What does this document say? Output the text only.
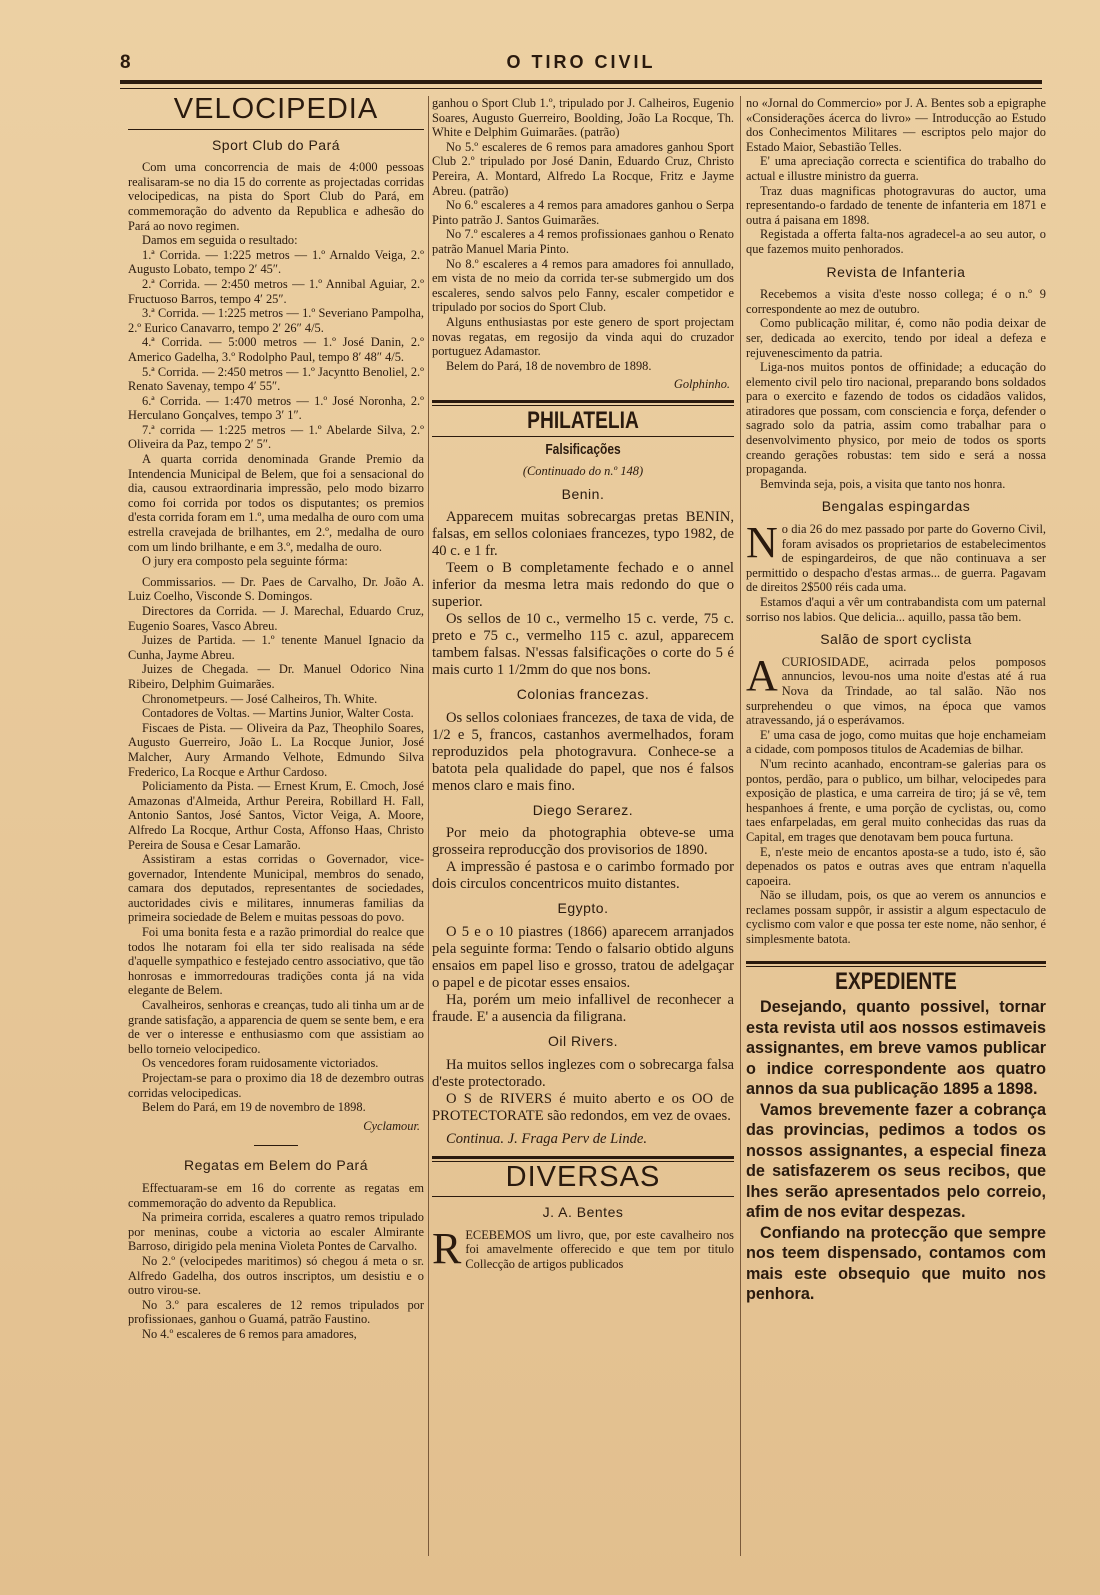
8	O TIRO CIVIL
VELOCIPEDIA
Sport Club do Pará

Com uma concorrencia de mais de 4:000 pessoas realisaram-se no dia 15 do corrente as projectadas corridas velocipedicas, na pista do Sport Club do Pará, em commemoração do advento da Republica e adhesão do Pará ao novo regimen.

Damos em seguida o resultado:

1.ª Corrida. — 1:225 metros — 1.º Arnaldo Veiga, 2.º Augusto Lobato, tempo 2′ 45″.

2.ª Corrida. — 2:450 metros — 1.º Annibal Aguiar, 2.º Fructuoso Barros, tempo 4′ 25″.

3.ª Corrida. — 1:225 metros — 1.º Severiano Pampolha, 2.º Eurico Canavarro, tempo 2′ 26″ 4/5.

4.ª Corrida. — 5:000 metros — 1.º José Danin, 2.º Americo Gadelha, 3.º Rodolpho Paul, tempo 8′ 48″ 4/5.

5.ª Corrida. — 2:450 metros — 1.º Jacyntto Benoliel, 2.º Renato Savenay, tempo 4′ 55″.

6.ª Corrida. — 1:470 metros — 1.º José Noronha, 2.º Herculano Gonçalves, tempo 3′ 1″.

7.ª corrida — 1:225 metros — 1.º Abelarde Silva, 2.º Oliveira da Paz, tempo 2′ 5″.

A quarta corrida denominada Grande Premio da Intendencia Municipal de Belem, que foi a sensacional do dia, causou extraordinaria impressão, pelo modo bizarro como foi corrida por todos os disputantes; os premios d'esta corrida foram em 1.º, uma medalha de ouro com uma estrella cravejada de brilhantes, em 2.º, medalha de ouro com um lindo brilhante, e em 3.º, medalha de ouro.

O jury era composto pela seguinte fórma:

Commissarios. — Dr. Paes de Carvalho, Dr. João A. Luiz Coelho, Visconde S. Domingos.

Directores da Corrida. — J. Marechal, Eduardo Cruz, Eugenio Soares, Vasco Abreu.

Juizes de Partida. — 1.º tenente Manuel Ignacio da Cunha, Jayme Abreu.

Juizes de Chegada. — Dr. Manuel Odorico Nina Ribeiro, Delphim Guimarães.

Chronometpeurs. — José Calheiros, Th. White.

Contadores de Voltas. — Martins Junior, Walter Costa.

Fiscaes de Pista. — Oliveira da Paz, Theophilo Soares, Augusto Guerreiro, João L. La Rocque Junior, José Malcher, Aury Armando Velhote, Edmundo Silva Frederico, La Rocque e Arthur Cardoso.

Policiamento da Pista. — Ernest Krum, E. Cmoch, José Amazonas d'Almeida, Arthur Pereira, Robillard H. Fall, Antonio Santos, José Santos, Victor Veiga, A. Moore, Alfredo La Rocque, Arthur Costa, Affonso Haas, Christo Pereira de Sousa e Cesar Lamarão.

Assistiram a estas corridas o Governador, vice-governador, Intendente Municipal, membros do senado, camara dos deputados, representantes de sociedades, auctoridades civis e militares, innumeras familias da primeira sociedade de Belem e muitas pessoas do povo.

Foi uma bonita festa e a razão primordial do realce que todos lhe notaram foi ella ter sido realisada na séde d'aquelle sympathico e festejado centro associativo, que tão honrosas e immorredouras tradições conta já na vida elegante de Belem.

Cavalheiros, senhoras e creanças, tudo ali tinha um ar de grande satisfação, a apparencia de quem se sente bem, e era de ver o interesse e enthusiasmo com que assistiam ao bello torneio velocipedico.

Os vencedores foram ruidosamente victoriados.

Projectam-se para o proximo dia 18 de dezembro outras corridas velocipedicas.

Belem do Pará, em 19 de novembro de 1898.

Cyclamour.
Regatas em Belem do Pará

Effectuaram-se em 16 do corrente as regatas em commemoração do advento da Republica.

Na primeira corrida, escaleres a quatro remos tripulado por meninas, coube a victoria ao escaler Almirante Barroso, dirigido pela menina Violeta Pontes de Carvalho.

No 2.º (velocipedes maritimos) só chegou á meta o sr. Alfredo Gadelha, dos outros inscriptos, um desistiu e o outro virou-se.

No 3.º para escaleres de 12 remos tripulados por profissionaes, ganhou o Guamá, patrão Faustino.

No 4.º escaleres de 6 remos para amadores,

ganhou o Sport Club 1.º, tripulado por J. Calheiros, Eugenio Soares, Augusto Guerreiro, Boolding, João La Rocque, Th. White e Delphim Guimarães. (patrão)

No 5.º escaleres de 6 remos para amadores ganhou Sport Club 2.º tripulado por José Danin, Eduardo Cruz, Christo Pereira, A. Montard, Alfredo La Rocque, Fritz e Jayme Abreu. (patrão)

No 6.º escaleres a 4 remos para amadores ganhou o Serpa Pinto patrão J. Santos Guimarães.

No 7.º escaleres a 4 remos profissionaes ganhou o Renato patrão Manuel Maria Pinto.

No 8.º escaleres a 4 remos para amadores foi annullado, em vista de no meio da corrida ter-se submergido um dos escaleres, sendo salvos pelo Fanny, escaler competidor e tripulado por socios do Sport Club.

Alguns enthusiastas por este genero de sport projectam novas regatas, em regosijo da vinda aqui do cruzador portuguez Adamastor.

Belem do Pará, 18 de novembro de 1898.

Golphinho.
PHILATELIA
Falsificações
(Continuado do n.º 148)
Benin.

Apparecem muitas sobrecargas pretas BENIN, falsas, em sellos coloniaes francezes, typo 1982, de 40 c. e 1 fr.

Teem o B completamente fechado e o annel inferior da mesma letra mais redondo do que o superior.

Os sellos de 10 c., vermelho 15 c. verde, 75 c. preto e 75 c., vermelho 115 c. azul, apparecem tambem falsas. N'essas falsificações o corte do 5 é mais curto 1 1/2mm do que nos bons.

Colonias francezas.

Os sellos coloniaes francezes, de taxa de vida, de 1/2 e 5, francos, castanhos avermelhados, foram reproduzidos pela photogravura. Conhece-se a batota pela qualidade do papel, que nos é falsos menos claro e mais fino.

Diego Serarez.

Por meio da photographia obteve-se uma grosseira reproducção dos provisorios de 1890.

A impressão é pastosa e o carimbo formado por dois circulos concentricos muito distantes.

Egypto.

O 5 e o 10 piastres (1866) aparecem arranjados pela seguinte forma: Tendo o falsario obtido alguns ensaios em papel liso e grosso, tratou de adelgaçar o papel e de picotar esses ensaios.

Ha, porém um meio infallivel de reconhecer a fraude. E' a ausencia da filigrana.

Oil Rivers.

Ha muitos sellos inglezes com o sobrecarga falsa d'este protectorado.

O S de RIVERS é muito aberto e os OO de PROTECTORATE são redondos, em vez de ovaes.

Continua. J. Fraga Perv de Linde.

DIVERSAS
J. A. Bentes

R ECEBEMOS um livro, que, por este cavalheiro nos foi amavelmente offerecido e que tem por titulo Collecção de artigos publicados

no «Jornal do Commercio» por J. A. Bentes sob a epigraphe «Considerações ácerca do livro» — Introducção ao Estudo dos Conhecimentos Militares — escriptos pelo major do Estado Maior, Sebastião Telles.

E' uma apreciação correcta e scientifica do trabalho do actual e illustre ministro da guerra.

Traz duas magnificas photogravuras do auctor, uma representando-o fardado de tenente de infanteria em 1871 e outra á paisana em 1898.

Registada a offerta falta-nos agradecel-a ao seu autor, o que fazemos muito penhorados.

Revista de Infanteria

Recebemos a visita d'este nosso collega; é o n.º 9 correspondente ao mez de outubro.

Como publicação militar, é, como não podia deixar de ser, dedicada ao exercito, tendo por ideal a defeza e rejuvenescimento da patria.

Liga-nos muitos pontos de offinidade; a educação do elemento civil pelo tiro nacional, preparando bons soldados para o exercito e fazendo de todos os cidadãos validos, atiradores que possam, com consciencia e força, defender o sagrado solo da patria, assim como trabalhar para o desenvolvimento physico, por meio de todos os sports creando gerações robustas: tem sido e será a nossa propaganda.

Bemvinda seja, pois, a visita que tanto nos honra.

Bengalas espingardas

N o dia 26 do mez passado por parte do Governo Civil, foram avisados os proprietarios de estabelecimentos de espingardeiros, de que não continuava a ser permittido o despacho d'estas armas... de guerra. Pagavam de direitos 2$500 réis cada uma.

Estamos d'aqui a vêr um contrabandista com um paternal sorriso nos labios. Que delicia... aquillo, passa tão bem.

Salão de sport cyclista

A CURIOSIDADE, acirrada pelos pomposos annuncios, levou-nos uma noite d'estas até á rua Nova da Trindade, ao tal salão. Não nos surprehendeu o que vimos, na época que vamos atravessando, já o esperávamos.

E' uma casa de jogo, como muitas que hoje enchameiam a cidade, com pomposos titulos de Academias de bilhar.

N'um recinto acanhado, encontram-se galerias para os pontos, perdão, para o publico, um bilhar, velocipedes para exposição de plastica, e uma carreira de tiro; já se vê, tem hespanhoes á frente, e uma porção de cyclistas, ou, como taes enfarpeladas, em geral muito conhecidas das ruas da Capital, em trages que denotavam bem pouca furtuna.

E, n'este meio de encantos aposta-se a tudo, isto é, são depenados os patos e outras aves que entram n'aquella capoeira.

Não se illudam, pois, os que ao verem os annuncios e reclames possam suppôr, ir assistir a algum espectaculo de cyclismo com valor e que possa ter este nome, não senhor, é simplesmente batota.

EXPEDIENTE

Desejando, quanto possivel, tornar esta revista util aos nossos estimaveis assignantes, em breve vamos publicar o indice correspondente aos quatro annos da sua publicação 1895 a 1898.

Vamos brevemente fazer a cobrança das provincias, pedimos a todos os nossos assignantes, a especial fineza de satisfazerem os seus recibos, que lhes serão apresentados pelo correio, afim de nos evitar despezas.

Confiando na protecção que sempre nos teem dispensado, contamos com mais este obsequio que muito nos penhora.
